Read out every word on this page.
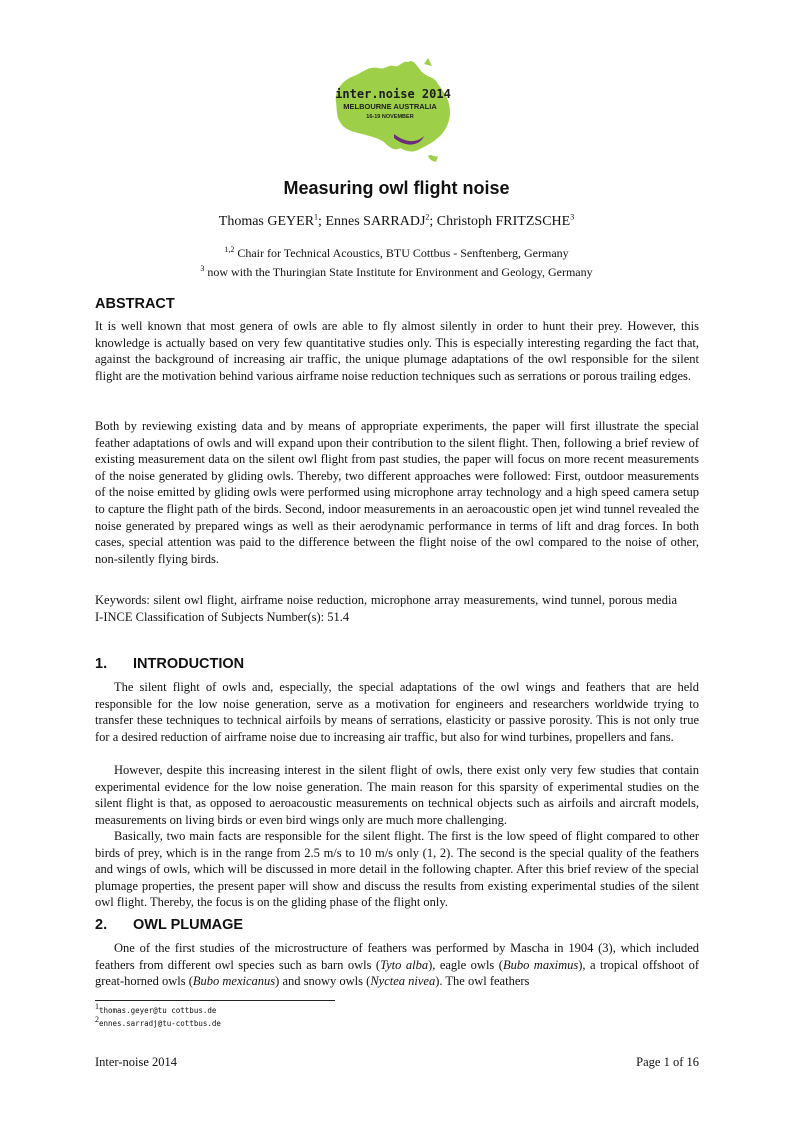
inter.noise 2014
MELBOURNE AUSTRALIA
16-19 NOVEMBER
Measuring owl flight noise
Thomas GEYER$^1$; Ennes SARRADJ$^2$; Christoph FRITZSCHE$^3$
$^{1,2}$ Chair for Technical Acoustics, BTU Cottbus - Senftenberg, Germany
$^3$ now with the Thuringian State Institute for Environment and Geology, Germany
ABSTRACT

It is well known that most genera of owls are able to fly almost silently in order to hunt their prey. However, this knowledge is actually based on very few quantitative studies only. This is especially interesting regarding the fact that, against the background of increasing air traffic, the unique plumage adaptations of the owl responsible for the silent flight are the motivation behind various airframe noise reduction techniques such as serrations or porous trailing edges.

Both by reviewing existing data and by means of appropriate experiments, the paper will first illustrate the special feather adaptations of owls and will expand upon their contribution to the silent flight. Then, following a brief review of existing measurement data on the silent owl flight from past studies, the paper will focus on more recent measurements of the noise generated by gliding owls. Thereby, two different approaches were followed: First, outdoor measurements of the noise emitted by gliding owls were performed using microphone array technology and a high speed camera setup to capture the flight path of the birds. Second, indoor measurements in an aeroacoustic open jet wind tunnel revealed the noise generated by prepared wings as well as their aerodynamic performance in terms of lift and drag forces. In both cases, special attention was paid to the difference between the flight noise of the owl compared to the noise of other, non-silently flying birds.

Keywords: silent owl flight, airframe noise reduction, microphone array measurements, wind tunnel, porous mediaI-INCE Classification of Subjects Number(s): 51.4

1. INTRODUCTION

The silent flight of owls and, especially, the special adaptations of the owl wings and feathers that are held responsible for the low noise generation, serve as a motivation for engineers and researchers worldwide trying to transfer these techniques to technical airfoils by means of serrations, elasticity or passive porosity. This is not only true for a desired reduction of airframe noise due to increasing air traffic, but also for wind turbines, propellers and fans.

However, despite this increasing interest in the silent flight of owls, there exist only very few studies that contain experimental evidence for the low noise generation. The main reason for this sparsity of experimental studies on the silent flight is that, as opposed to aeroacoustic measurements on technical objects such as airfoils and aircraft models, measurements on living birds or even bird wings only are much more challenging.

Basically, two main facts are responsible for the silent flight. The first is the low speed of flight compared to other birds of prey, which is in the range from 2.5 m/s to 10 m/s only (1, 2). The second is the special quality of the feathers and wings of owls, which will be discussed in more detail in the following chapter. After this brief review of the special plumage properties, the present paper will show and discuss the results from existing experimental studies of the silent owl flight. Thereby, the focus is on the gliding phase of the flight only.

2. OWL PLUMAGE

One of the first studies of the microstructure of feathers was performed by Mascha in 1904 (3), which included feathers from different owl species such as barn owls (Tyto alba), eagle owls (Bubo maximus), a tropical offshoot of great-horned owls (Bubo mexicanus) and snowy owls (Nyctea nivea). The owl feathers

$^1$thomas.geyer@tu cottbus.de
$^2$ennes.sarradj@tu-cottbus.de
Inter-noise 2014	Page 1 of 16
